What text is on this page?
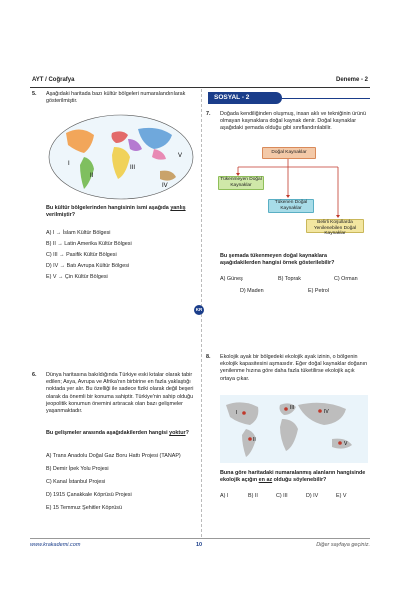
AYT / Coğrafya	Deneme - 2
5. Aşağıdaki haritada bazı kültür bölgeleri numaralandırılarak gösterilmiştir.
I
II
III
IV
V
Bu kültür bölgelerinden hangisinin ismi aşağıda yanlış verilmiştir?
A) I → İslam Kültür Bölgesi
B) II → Latin Amerika Kültür Bölgesi
C) III → Pasifik Kültür Bölgesi
D) IV → Batı Avrupa Kültür Bölgesi
E) V → Çin Kültür Bölgesi
6. Dünya haritasına bakıldığında Türkiye eski kıtalar olarak tabir edilen; Asya, Avrupa ve Afrika'nın birbirine en fazla yaklaştığı noktada yer alır. Bu özelliği ile sadece fiziki olarak değil beşeri olarak da önemli bir konuma sahiptir. Türkiye'nin sahip olduğu jeopolitik konumun önemini artıracak olan bazı gelişmeler yaşanmaktadır.
Bu gelişmeler arasında aşağıdakilerden hangisi yoktur?
A) Trans Anadolu Doğal Gaz Boru Hattı Projesi (TANAP)
B) Demir İpek Yolu Projesi
C) Kanal İstanbul Projesi
D) 1915 Çanakkale Köprüsü Projesi
E) 15 Temmuz Şehitler Köprüsü
SOSYAL - 2
7. Doğada kendiliğinden oluşmuş, insan aklı ve tekniğinin ürünü olmayan kaynaklara doğal kaynak denir. Doğal kaynaklar aşağıdaki şemada olduğu gibi sınıflandırılabilir.
Doğal Kaynaklar
Tükenmeyen Doğal Kaynaklar
Tükenen Doğal Kaynaklar
Belirli Koşullarda Yenilenebilen Doğal Kaynaklar
Bu şemada tükenmeyen doğal kaynaklara aşağıdakilerden hangisi örnek gösterilebilir?
A) Güneş	B) Toprak	C) Orman
D) Maden	E) Petrol
8. Ekolojik ayak bir bölgedeki ekolojik ayak izinin, o bölgenin ekolojik kapasitesini aşmasıdır. Eğer doğal kaynaklar doğanın yenilenme hızına göre daha fazla tüketilirse ekolojik açık ortaya çıkar.
I
II
III
IV
V
Buna göre haritadaki numaralanmış alanların hangisinde ekolojik açığın en az olduğu söylenebilir?
A) I	B) II	C) III	D) IV	E) V
KR
www.krakademi.com	10	Diğer sayfaya geçiniz.
